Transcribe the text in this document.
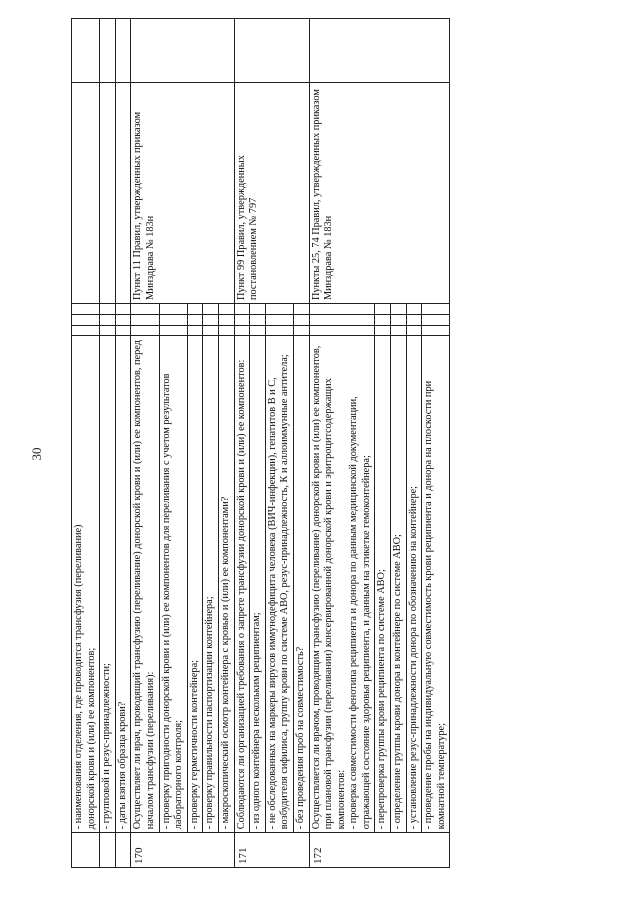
30

	- наименования отделения, где проводится трансфузия (переливание) донорской крови и (или) ее компонентов;					

	- групповой и резус-принадлежности;					
	- даты взятия образца крови?					
170	Осуществляет ли врач, проводящий трансфузию (переливание) донорской крови и (или) ее компонентов, перед началом трансфузии (переливания):				Пункт 11 Правил, утвержденных приказом Минздрава № 183н	
	- проверку пригодности донорской крови и (или) ее компонентов для переливания с учетом результатов лабораторного контроля;					
	- проверку герметичности контейнера;					
	- проверку правильности паспортизации контейнера;					
	- макроскопический осмотр контейнера с кровью и (или) ее компонентами?					
171	Соблюдаются ли организацией требования о запрете трансфузии донорской крови и (или) ее компонентов:				Пункт 99 Правил, утвержденных постановлением № 797	
	- из одного контейнера нескольким реципиентам;					
	- не обследованных на маркеры вирусов иммунодефицита человека (ВИЧ-инфекции), гепатитов В и С, возбудителя сифилиса, группу крови по системе АВО, резус-принадлежность, К и аллоиммунные антитела;					
	- без проведения проб на совместимость?					
172	Осуществляется ли врачом, проводящим трансфузию (переливание) донорской крови и (или) ее компонентов, при плановой трансфузии (переливании) консервированной донорской крови и эритроцитсодержащих компонентов: - проверка совместимости фенотипа реципиента и донора по данным медицинской документации, отражающей состояние здоровья реципиента, и данным на этикетке гемоконтейнера;				Пункты 25, 74 Правил, утвержденных приказом Минздрава № 183н	
	- перепроверка группы крови реципиента по системе АВО;					
	- определение группы крови донора в контейнере по системе АВО;					
	- установление резус-принадлежности донора по обозначению на контейнере;					
	- проведение пробы на индивидуальную совместимость крови реципиента и донора на плоскости при комнатной температуре;					
